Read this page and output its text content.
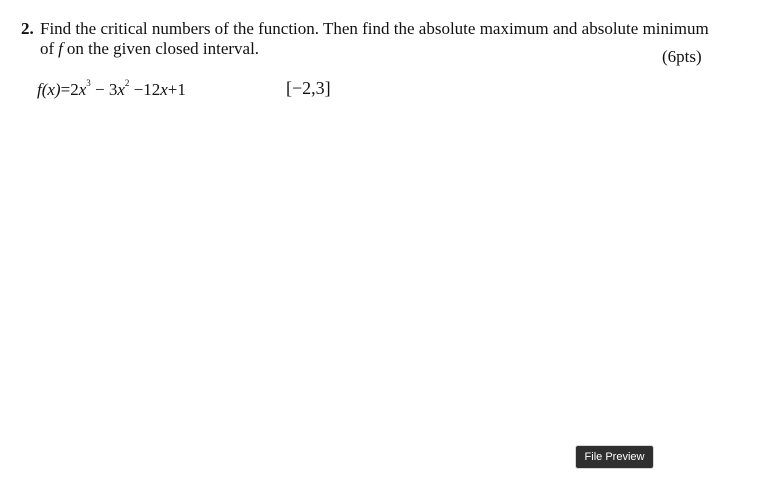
2. Find the critical numbers of the function. Then find the absolute maximum and absolute minimum
of f on the given closed interval.	(6pts)
$f(x)=2x^3 - 3x^2 -12x+1$	[−2,3]
File Preview
